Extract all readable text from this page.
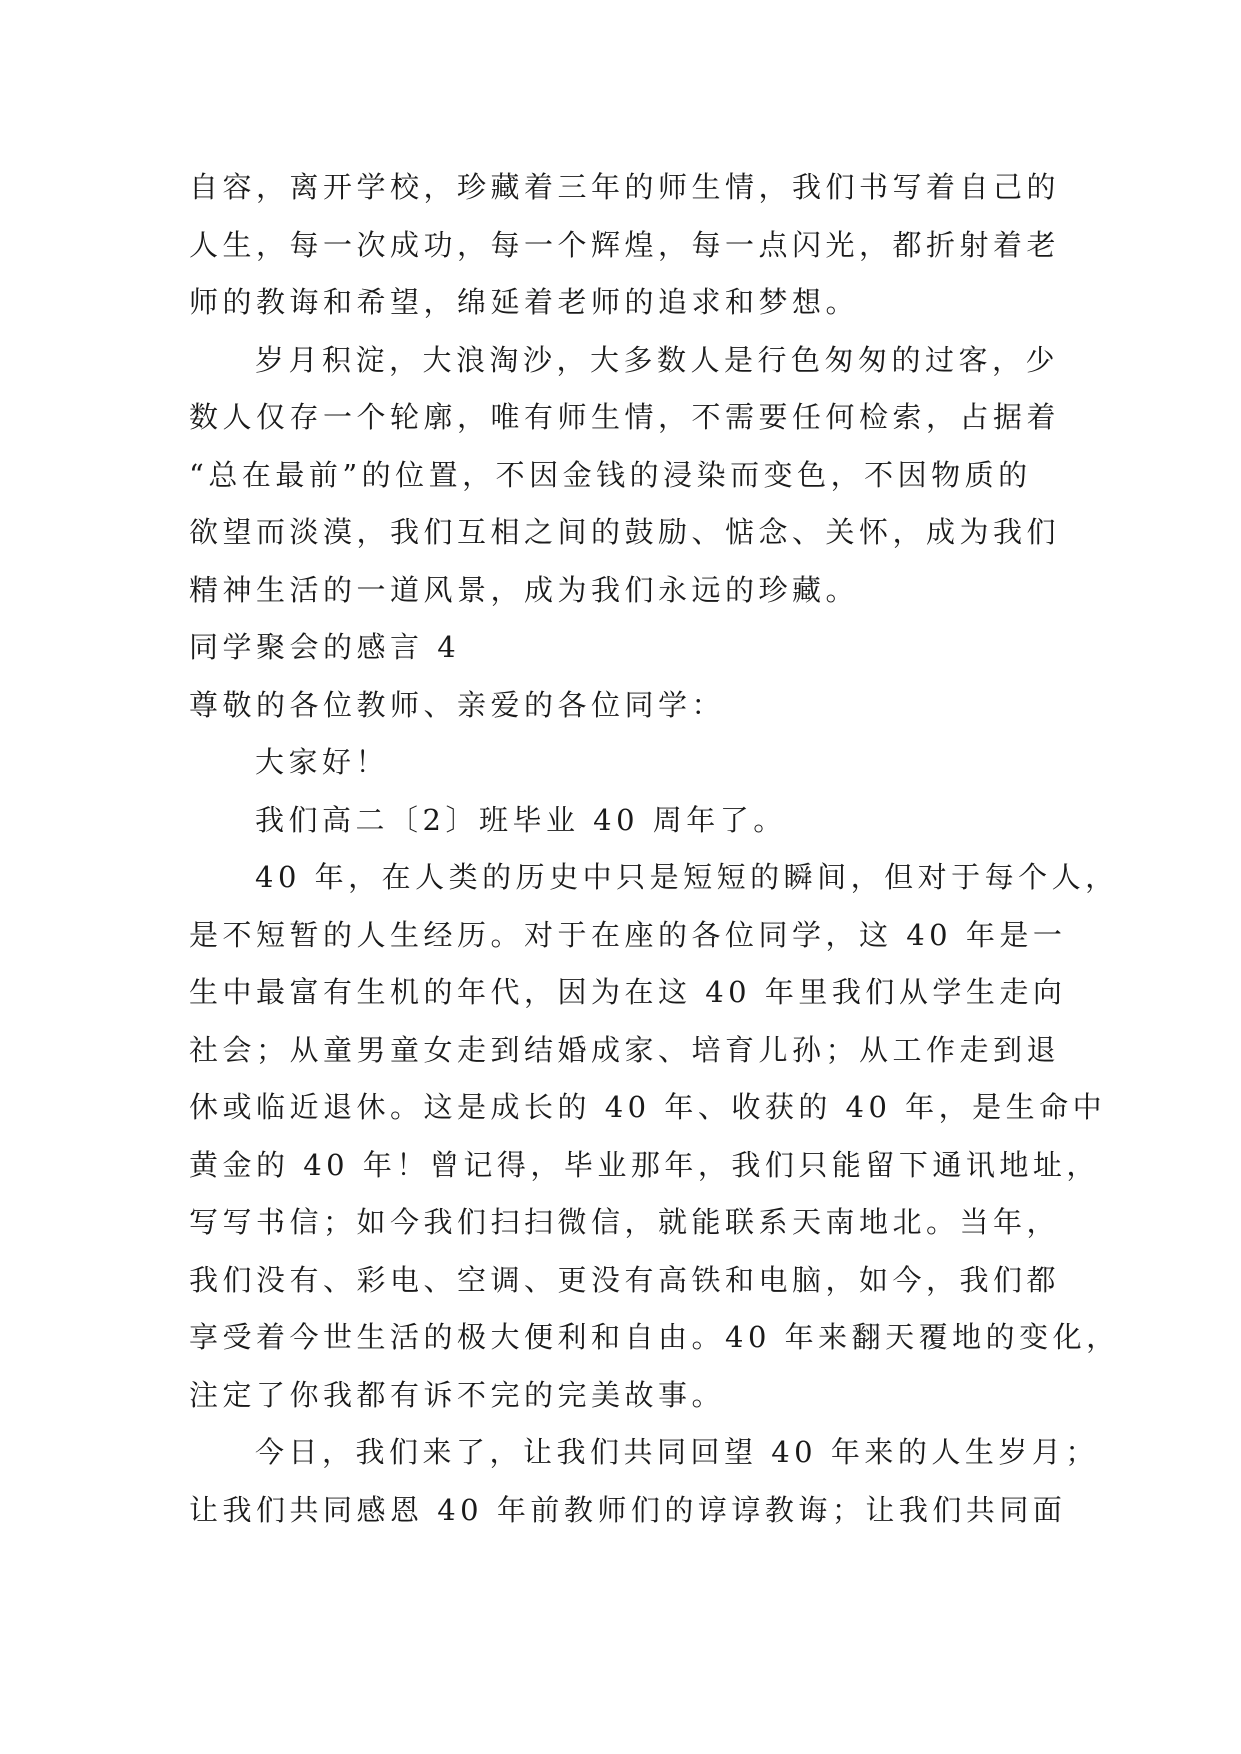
自容，离开学校，珍藏着三年的师生情，我们书写着自己的
人生，每一次成功，每一个辉煌，每一点闪光，都折射着老
师的教诲和希望，绵延着老师的追求和梦想。
岁月积淀，大浪淘沙，大多数人是行色匆匆的过客，少
数人仅存一个轮廓，唯有师生情，不需要任何检索，占据着
“总在最前”的位置，不因金钱的浸染而变色，不因物质的
欲望而淡漠，我们互相之间的鼓励、惦念、关怀，成为我们
精神生活的一道风景，成为我们永远的珍藏。
同学聚会的感言 4
尊敬的各位教师、亲爱的各位同学：
大家好！
我们高二〔2〕班毕业 40 周年了。
40 年，在人类的历史中只是短短的瞬间，但对于每个人，
是不短暂的人生经历。对于在座的各位同学，这 40 年是一
生中最富有生机的年代，因为在这 40 年里我们从学生走向
社会；从童男童女走到结婚成家、培育儿孙；从工作走到退
休或临近退休。这是成长的 40 年、收获的 40 年，是生命中
黄金的 40 年！曾记得，毕业那年，我们只能留下通讯地址，
写写书信；如今我们扫扫微信，就能联系天南地北。当年，
我们没有、彩电、空调、更没有高铁和电脑，如今，我们都
享受着今世生活的极大便利和自由。40 年来翻天覆地的变化，
注定了你我都有诉不完的完美故事。
今日，我们来了，让我们共同回望 40 年来的人生岁月；
让我们共同感恩 40 年前教师们的谆谆教诲；让我们共同面
